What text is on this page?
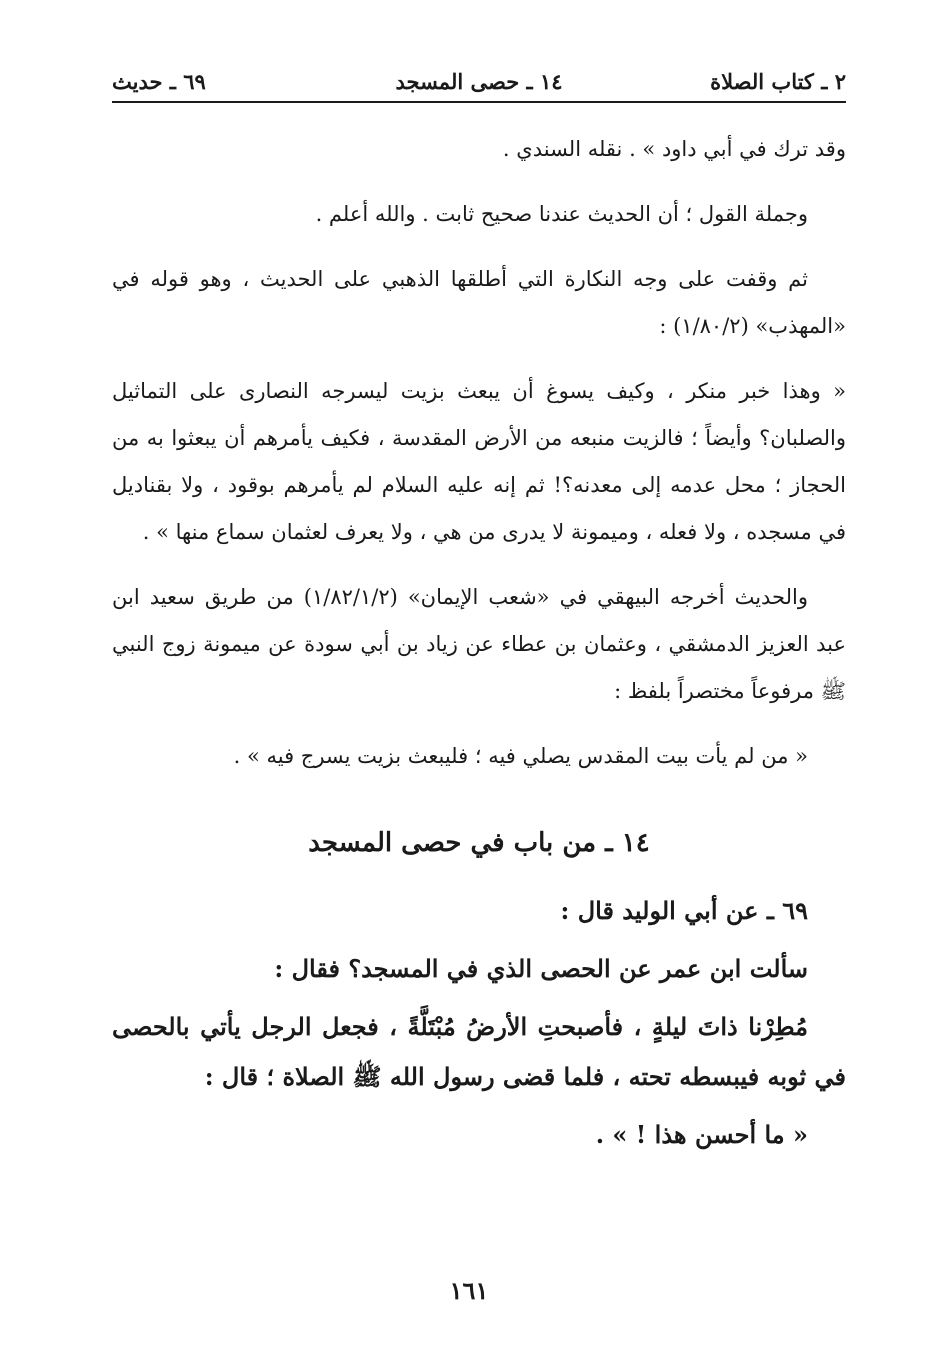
٢ ـ كتاب الصلاة
١٤ ـ حصى المسجد
٦٩ ـ حديث

وقد ترك في أبي داود » . نقله السندي .

وجملة القول ؛ أن الحديث عندنا صحيح ثابت . والله أعلم .

ثم وقفت على وجه النكارة التي أطلقها الذهبي على الحديث ، وهو قوله في «المهذب» (١/٨٠/٢) :

« وهذا خبر منكر ، وكيف يسوغ أن يبعث بزيت ليسرجه النصارى على التماثيل والصلبان؟ وأيضاً ؛ فالزيت منبعه من الأرض المقدسة ، فكيف يأمرهم أن يبعثوا به من الحجاز ؛ محل عدمه إلى معدنه؟! ثم إنه عليه السلام لم يأمرهم بوقود ، ولا بقناديل في مسجده ، ولا فعله ، وميمونة لا يدرى من هي ، ولا يعرف لعثمان سماع منها » .

والحديث أخرجه البيهقي في «شعب الإيمان» (١/٨٢/١/٢) من طريق سعيد ابن عبد العزيز الدمشقي ، وعثمان بن عطاء عن زياد بن أبي سودة عن ميمونة زوج النبي ﷺ مرفوعاً مختصراً بلفظ :

« من لم يأت بيت المقدس يصلي فيه ؛ فليبعث بزيت يسرج فيه » .

١٤ ـ من باب في حصى المسجد

٦٩ ـ عن أبي الوليد قال :

سألت ابن عمر عن الحصى الذي في المسجد؟ فقال :

مُطِرْنا ذاتَ ليلةٍ ، فأصبحتِ الأرضُ مُبْتَلَّةً ، فجعل الرجل يأتي بالحصى في ثوبه فيبسطه تحته ، فلما قضى رسول الله ﷺ الصلاة ؛ قال :

« ما أحسن هذا ! » .

١٦١
